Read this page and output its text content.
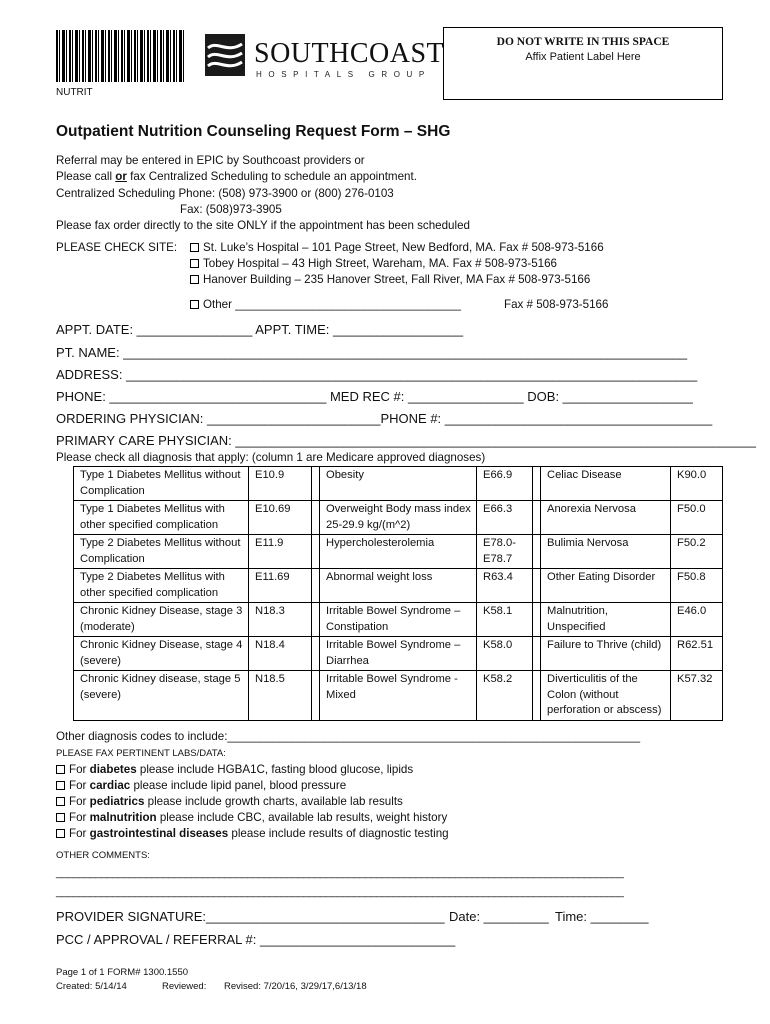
NUTRIT
SOUTHCOAST
HOSPITALS GROUP
DO NOT WRITE IN THIS SPACE
Affix Patient Label Here
Outpatient Nutrition Counseling Request Form – SHG
Referral may be entered in EPIC by Southcoast providers or
Please call or fax Centralized Scheduling to schedule an appointment.
Centralized Scheduling Phone: (508) 973-3900 or (800) 276-0103
Fax: (508)973-3905
Please fax order directly to the site ONLY if the appointment has been scheduled
PLEASE CHECK SITE:	St. Luke’s Hospital – 101 Page Street, New Bedford, MA. Fax # 508-973-5166
Tobey Hospital – 43 High Street, Wareham, MA. Fax # 508-973-5166
Hanover Building – 235 Hanover Street, Fall River, MA Fax # 508-973-5166
Other ___________________________________	Fax # 508-973-5166
APPT. DATE: ________________ APPT. TIME: __________________
PT. NAME: ______________________________________________________________________________
ADDRESS: _______________________________________________________________________________
PHONE: ______________________________ MED REC #: ________________ DOB: __________________
ORDERING PHYSICIAN: ________________________PHONE #: _____________________________________
PRIMARY CARE PHYSICIAN: ________________________________________________________________________
Please check all diagnosis that apply: (column 1 are Medicare approved diagnoses)
Type 1 Diabetes Mellitus without Complication	E10.9		Obesity	E66.9		Celiac Disease	K90.0
Type 1 Diabetes Mellitus with other specified complication	E10.69		Overweight Body mass index 25-29.9 kg/(m^2)	E66.3		Anorexia Nervosa	F50.0
Type 2 Diabetes Mellitus without Complication	E11.9		Hypercholesterolemia	E78.0-E78.7		Bulimia Nervosa	F50.2
Type 2 Diabetes Mellitus with other specified complication	E11.69		Abnormal weight loss	R63.4		Other Eating Disorder	F50.8
Chronic Kidney Disease, stage 3 (moderate)	N18.3		Irritable Bowel Syndrome – Constipation	K58.1		Malnutrition, Unspecified	E46.0
Chronic Kidney Disease, stage 4 (severe)	N18.4		Irritable Bowel Syndrome – Diarrhea	K58.0		Failure to Thrive (child)	R62.51
Chronic Kidney disease, stage 5 (severe)	N18.5		Irritable Bowel Syndrome - Mixed	K58.2		Diverticulitis of the Colon (without perforation or abscess)	K57.32
Other diagnosis codes to include:________________________________________________________________
PLEASE FAX PERTINENT LABS/DATA:
For diabetes please include HGBA1C, fasting blood glucose, lipids
For cardiac please include lipid panel, blood pressure
For pediatrics please include growth charts, available lab results
For malnutrition please include CBC, available lab results, weight history
For gastrointestinal diseases please include results of diagnostic testing
OTHER COMMENTS:
_____________________________________________________________________________________________________
_____________________________________________________________________________________________________
PROVIDER SIGNATURE:_________________________________ Date: _________ Time: ________
PCC / APPROVAL / REFERRAL #: ___________________________
Page 1 of 1 FORM# 1300.1550
Created: 5/14/14	Reviewed: Revised: 7/20/16, 3/29/17,6/13/18
